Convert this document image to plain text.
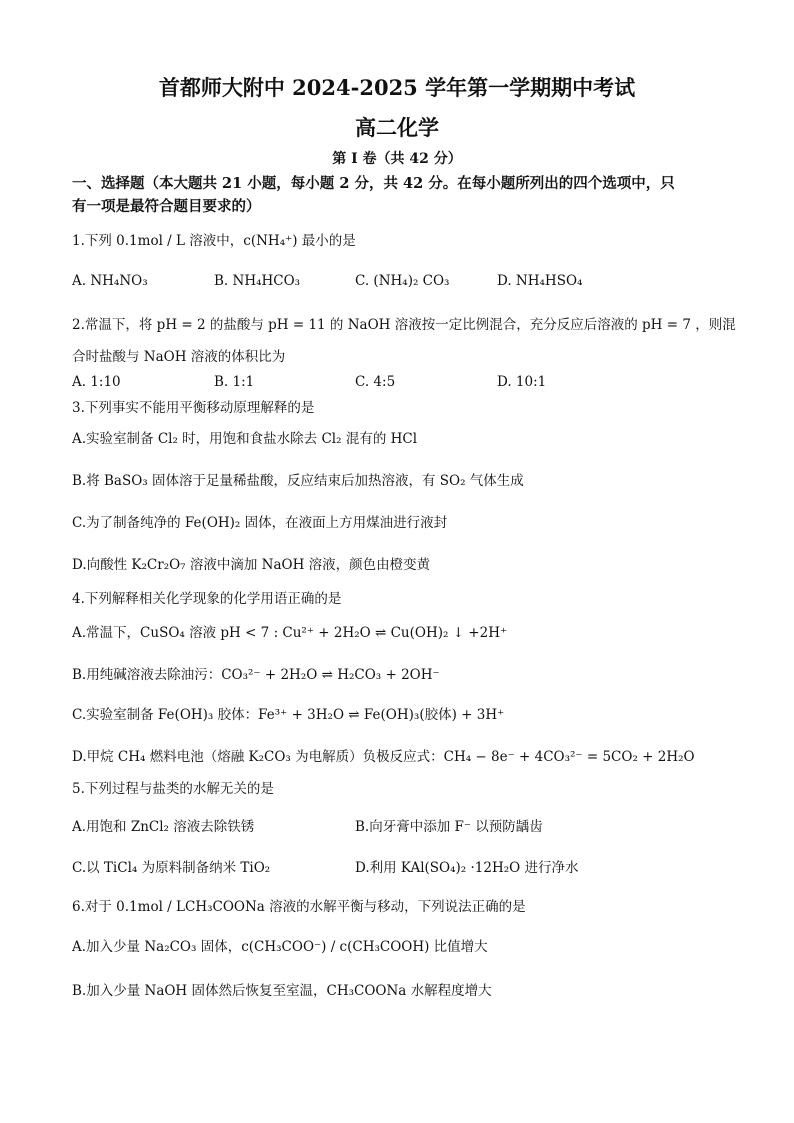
首都师大附中 2024-2025 学年第一学期期中考试
高二化学
第 I 卷（共 42 分）
一、选择题（本大题共 21 小题，每小题 2 分，共 42 分。在每小题所列出的四个选项中，只
有一项是最符合题目要求的）
1.下列 0.1mol / L 溶液中，c(NH₄⁺) 最小的是
A. NH₄NO₃	B. NH₄HCO₃	C. (NH₄)₂ CO₃	D. NH₄HSO₄
2.常温下，将 pH = 2 的盐酸与 pH = 11 的 NaOH 溶液按一定比例混合，充分反应后溶液的 pH = 7 ，则混
合时盐酸与 NaOH 溶液的体积比为
A. 1:10	B. 1:1	C. 4:5	D. 10:1
3.下列事实不能用平衡移动原理解释的是
A.实验室制备 Cl₂ 时，用饱和食盐水除去 Cl₂ 混有的 HCl
B.将 BaSO₃ 固体溶于足量稀盐酸，反应结束后加热溶液，有 SO₂ 气体生成
C.为了制备纯净的 Fe(OH)₂ 固体，在液面上方用煤油进行液封
D.向酸性 K₂Cr₂O₇ 溶液中滴加 NaOH 溶液，颜色由橙变黄
4.下列解释相关化学现象的化学用语正确的是
A.常温下，CuSO₄ 溶液 pH < 7 : Cu²⁺ + 2H₂O ⇌ Cu(OH)₂ ↓ +2H⁺
B.用纯碱溶液去除油污：CO₃²⁻ + 2H₂O ⇌ H₂CO₃ + 2OH⁻
C.实验室制备 Fe(OH)₃ 胶体：Fe³⁺ + 3H₂O ⇌ Fe(OH)₃(胶体) + 3H⁺
D.甲烷 CH₄ 燃料电池（熔融 K₂CO₃ 为电解质）负极反应式：CH₄ − 8e⁻ + 4CO₃²⁻ = 5CO₂ + 2H₂O
5.下列过程与盐类的水解无关的是
A.用饱和 ZnCl₂ 溶液去除铁锈	B.向牙膏中添加 F⁻ 以预防龋齿
C.以 TiCl₄ 为原料制备纳米 TiO₂	D.利用 KAl(SO₄)₂ ·12H₂O 进行净水
6.对于 0.1mol / LCH₃COONa 溶液的水解平衡与移动，下列说法正确的是
A.加入少量 Na₂CO₃ 固体，c(CH₃COO⁻) / c(CH₃COOH) 比值增大
B.加入少量 NaOH 固体然后恢复至室温，CH₃COONa 水解程度增大
